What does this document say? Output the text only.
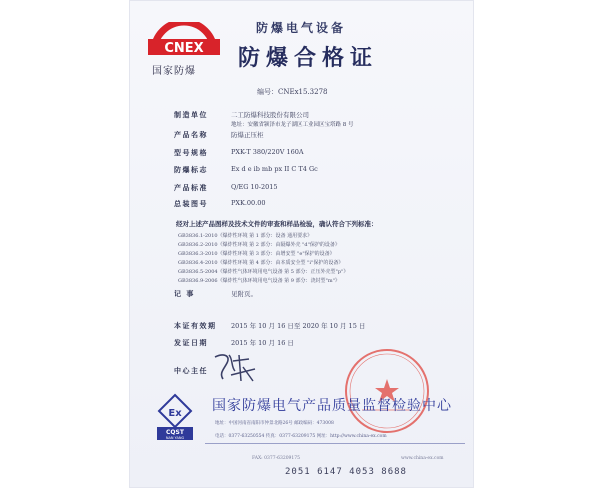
CNEX
国家防爆
防爆电气设备
防爆合格证
编号：CNEx15.3278
制造单位	二工防爆科技股份有限公司
地址：安徽省颍泽市龙子湖区工业园区宝塔路 8 号
产品名称	防爆正压柜
型号规格	PXK-T 380/220V 160A
防爆标志	Ex d e ib mb px II C T4 Gc
产品标准	Q/EG 10-2015
总装图号	PXK.00.00
经对上述产品图样及技术文件的审查和样品检验，确认符合下列标准：
GB3836.1-2010《爆炸性环境 第 1 部分：设备 通用要求》
GB3836.2-2010《爆炸性环境 第 2 部分：由隔爆外壳 "d"保护的设备》
GB3836.3-2010《爆炸性环境 第 3 部分：由增安型 "e"保护的设备》
GB3836.4-2010《爆炸性环境 第 4 部分：由本质安全型 "i"保护的设备》
GB3836.5-2004《爆炸性气体环境用电气设备 第 5 部分：正压外壳型"p"》
GB3836.9-2006《爆炸性气体环境用电气设备 第 9 部分：浇封型"m"》
记 事	见附页。
本证有效期 2015 年 10 月 16 日至 2020 年 10 月 15 日
发证日期	2015 年 10 月 16 日
中心主任
Ex
CQST
NAN YANG
国家防爆电气产品质量监督检验中心
地址：中国河南省南阳市仲景北路26号 邮政编码：473008
电话：0377-63250554 传真：0377-63209175 网址：http://www.china-ex.com
FAX: 0377-63209175	www.china-ex.com
2051 6147 4053 8688
